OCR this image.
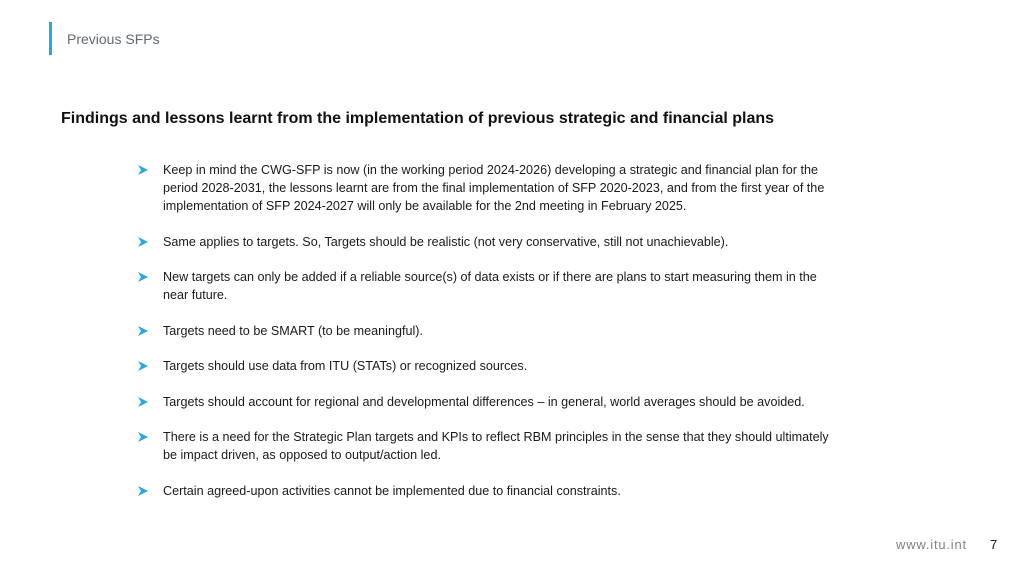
Previous SFPs
Findings and lessons learnt from the implementation of previous strategic and financial plans
Keep in mind the CWG-SFP is now (in the working period 2024-2026) developing a strategic and financial plan for the period 2028-2031, the lessons learnt are from the final implementation of SFP 2020-2023, and from the first year of the implementation of SFP 2024-2027 will only be available for the 2nd meeting in February 2025.
Same applies to targets. So, Targets should be realistic (not very conservative, still not unachievable).
New targets can only be added if a reliable source(s) of data exists or if there are plans to start measuring them in the near future.
Targets need to be SMART (to be meaningful).
Targets should use data from ITU (STATs) or recognized sources.
Targets should account for regional and developmental differences – in general, world averages should be avoided.
There is a need for the Strategic Plan targets and KPIs to reflect RBM principles in the sense that they should ultimately be impact driven, as opposed to output/action led.
Certain agreed-upon activities cannot be implemented due to financial constraints.
www.itu.int 7
